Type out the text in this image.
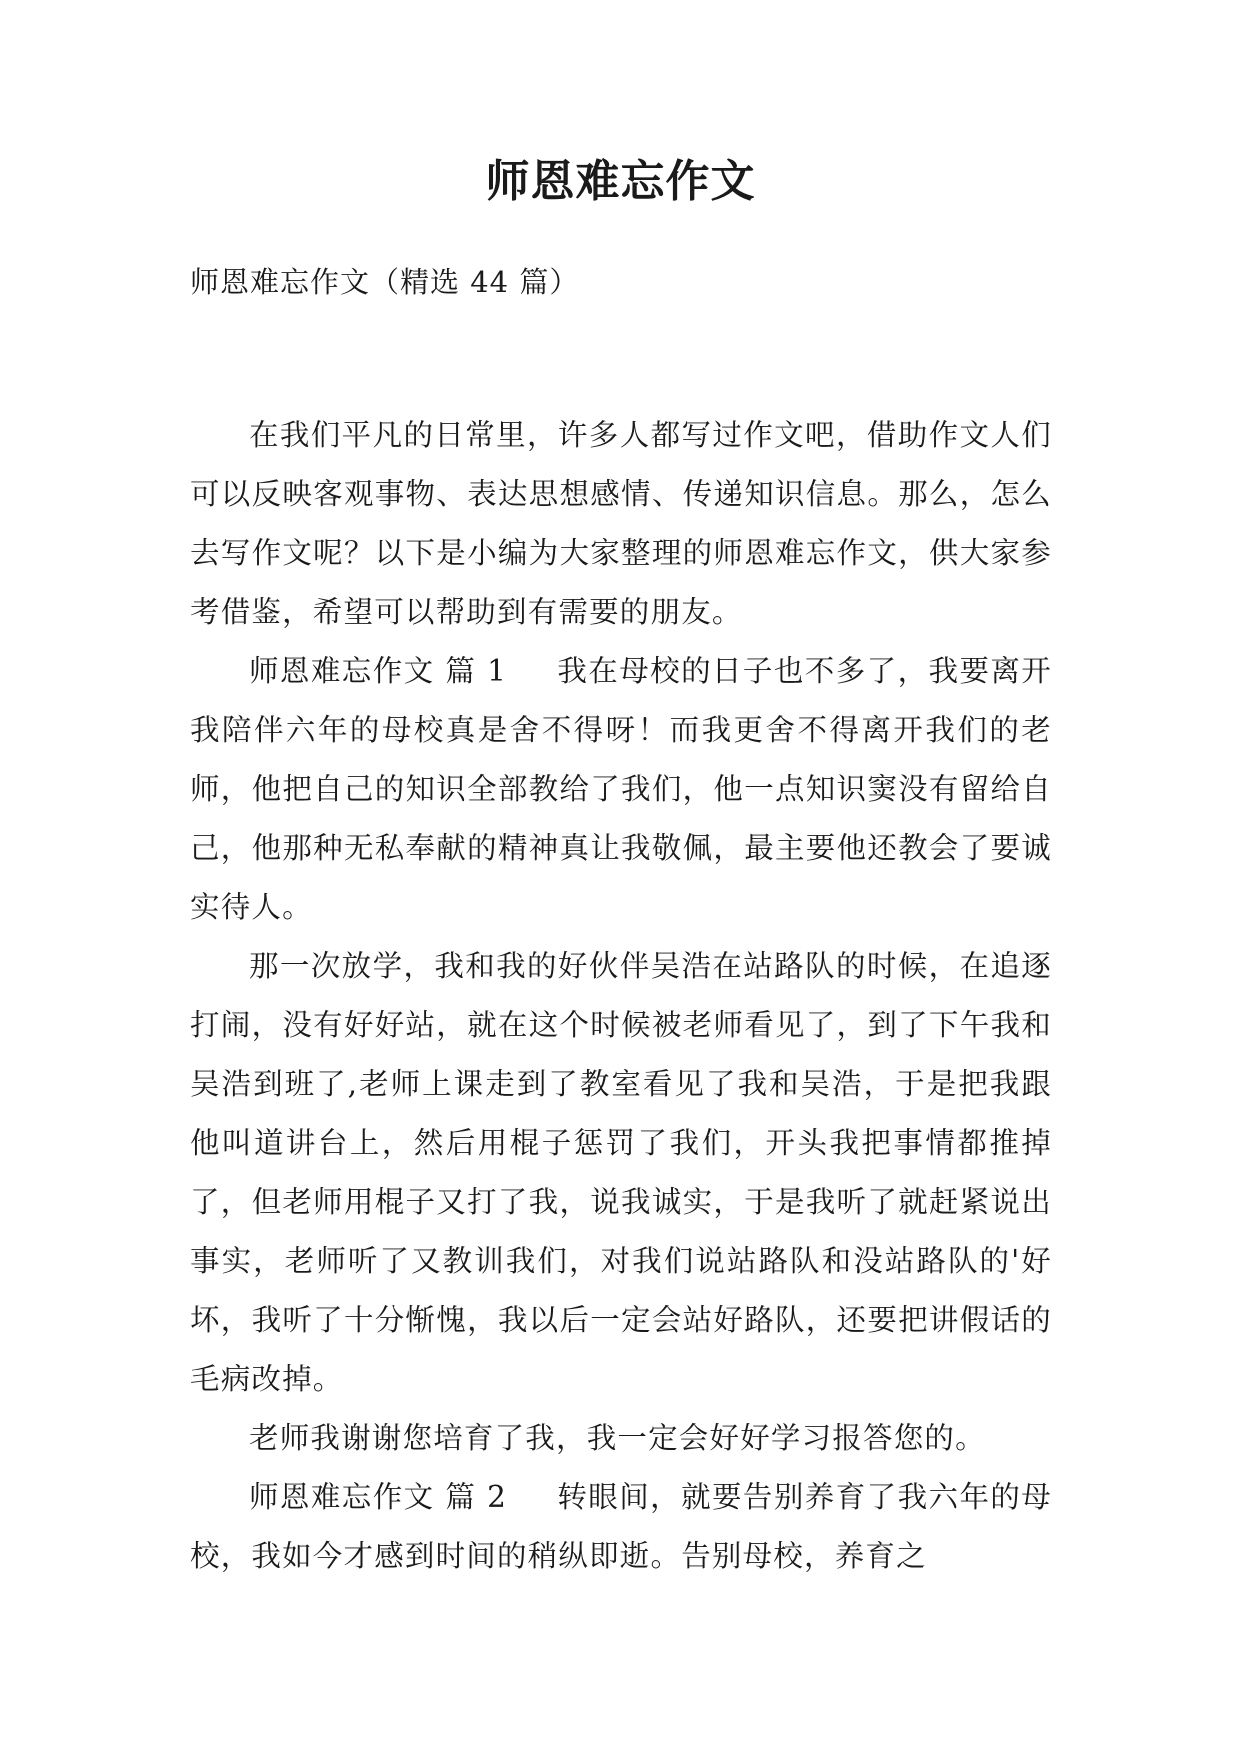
师恩难忘作文

师恩难忘作文（精选 44 篇）

在我们平凡的日常里，许多人都写过作文吧，借助作文人们可以反映客观事物、表达思想感情、传递知识信息。那么，怎么去写作文呢？以下是小编为大家整理的师恩难忘作文，供大家参考借鉴，希望可以帮助到有需要的朋友。

师恩难忘作文 篇 1 我在母校的日子也不多了，我要离开我陪伴六年的母校真是舍不得呀！而我更舍不得离开我们的老师，他把自己的知识全部教给了我们，他一点知识窦没有留给自己，他那种无私奉献的精神真让我敬佩，最主要他还教会了要诚实待人。

那一次放学，我和我的好伙伴吴浩在站路队的时候，在追逐打闹，没有好好站，就在这个时候被老师看见了，到了下午我和吴浩到班了,老师上课走到了教室看见了我和吴浩，于是把我跟他叫道讲台上，然后用棍子惩罚了我们，开头我把事情都推掉了，但老师用棍子又打了我，说我诚实，于是我听了就赶紧说出事实，老师听了又教训我们，对我们说站路队和没站路队的'好坏，我听了十分惭愧，我以后一定会站好路队，还要把讲假话的毛病改掉。

老师我谢谢您培育了我，我一定会好好学习报答您的。

师恩难忘作文 篇 2 转眼间，就要告别养育了我六年的母校，我如今才感到时间的稍纵即逝。告别母校，养育之
